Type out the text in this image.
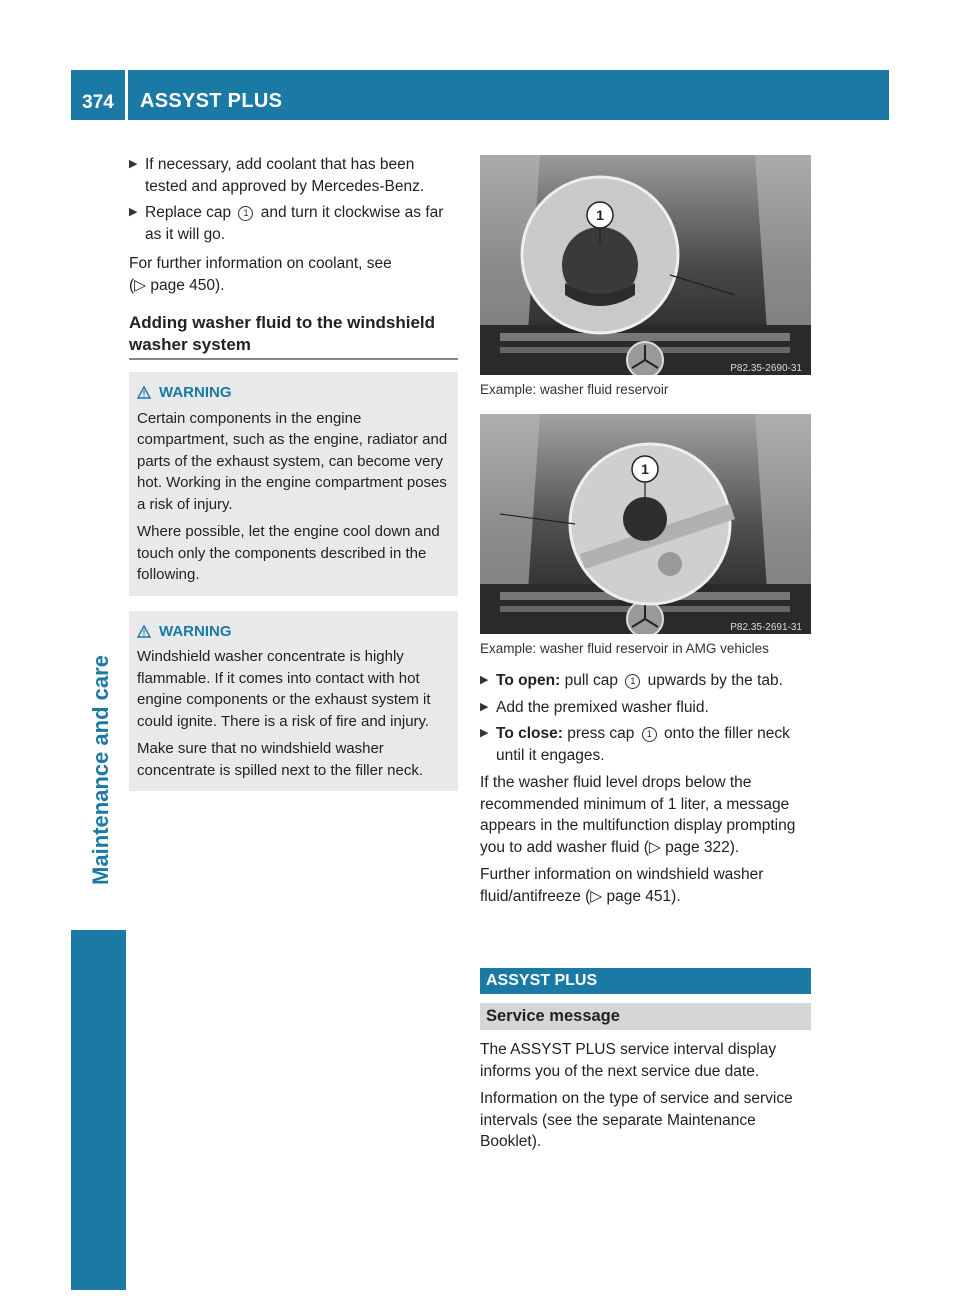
374	ASSYST PLUS
Maintenance and care
▶ If necessary, add coolant that has been tested and approved by Mercedes-Benz.
▶ Replace cap 1 and turn it clockwise as far as it will go.

For further information on coolant, see
(▷ page 450).

Adding washer fluid to the windshield washer system
WARNING

Certain components in the engine compartment, such as the engine, radiator and parts of the exhaust system, can become very hot. Working in the engine compartment poses a risk of injury.

Where possible, let the engine cool down and touch only the components described in the following.

WARNING

Windshield washer concentrate is highly flammable. If it comes into contact with hot engine components or the exhaust system it could ignite. There is a risk of fire and injury.

Make sure that no windshield washer concentrate is spilled next to the filler neck.

1
P82.35-2690-31

Example: washer fluid reservoir

1
P82.35-2691-31

Example: washer fluid reservoir in AMG vehicles

▶ To open: pull cap 1 upwards by the tab.
▶ Add the premixed washer fluid.
▶ To close: press cap 1 onto the filler neck until it engages.

If the washer fluid level drops below the recommended minimum of 1 liter, a message appears in the multifunction display prompting you to add washer fluid (▷ page 322).

Further information on windshield washer fluid/antifreeze (▷ page 451).

ASSYST PLUS
Service message

The ASSYST PLUS service interval display informs you of the next service due date.

Information on the type of service and service intervals (see the separate Maintenance Booklet).
